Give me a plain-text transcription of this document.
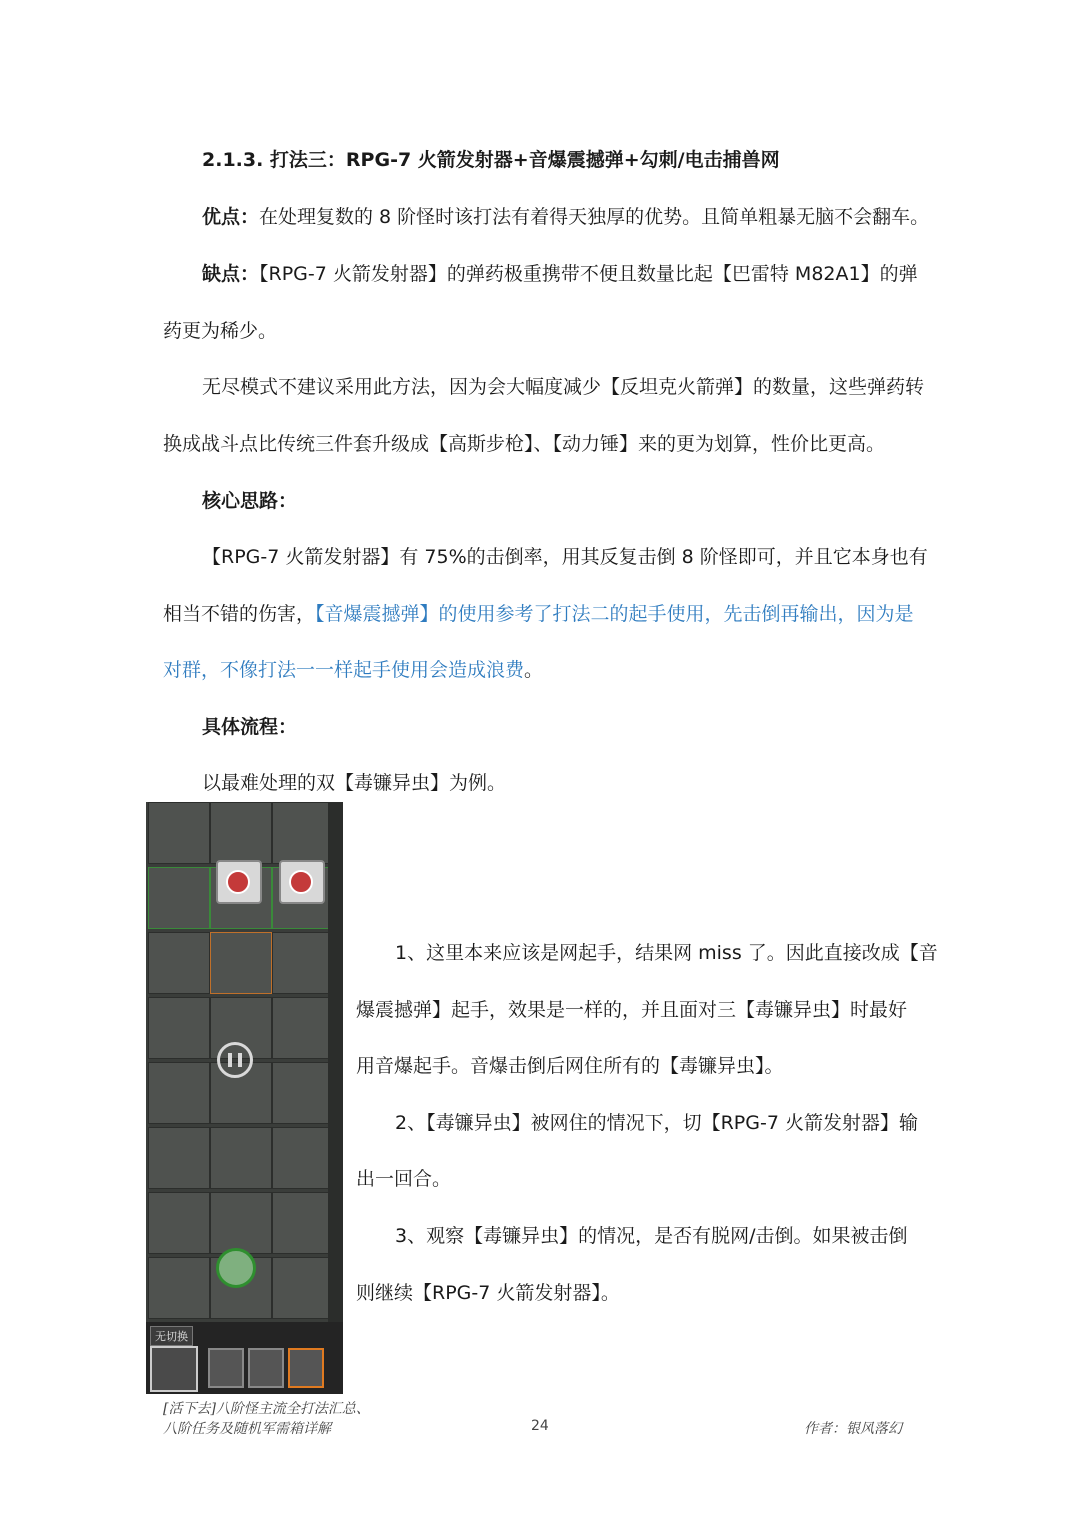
2.1.3. 打法三：RPG-7 火箭发射器+音爆震撼弹+勾刺/电击捕兽网
优点：在处理复数的 8 阶怪时该打法有着得天独厚的优势。且简单粗暴无脑不会翻车。
缺点：【RPG-7 火箭发射器】的弹药极重携带不便且数量比起【巴雷特 M82A1】的弹
药更为稀少。
无尽模式不建议采用此方法，因为会大幅度减少【反坦克火箭弹】的数量，这些弹药转
换成战斗点比传统三件套升级成【高斯步枪】、【动力锤】来的更为划算，性价比更高。
核心思路：
【RPG-7 火箭发射器】有 75%的击倒率，用其反复击倒 8 阶怪即可，并且它本身也有
相当不错的伤害，【音爆震撼弹】的使用参考了打法二的起手使用，先击倒再输出，因为是
对群，不像打法一一样起手使用会造成浪费。
具体流程：
以最难处理的双【毒镰异虫】为例。
无切换
1、这里本来应该是网起手，结果网 miss 了。因此直接改成【音
爆震撼弹】起手，效果是一样的，并且面对三【毒镰异虫】时最好
用音爆起手。音爆击倒后网住所有的【毒镰异虫】。
2、【毒镰异虫】被网住的情况下，切【RPG-7 火箭发射器】输
出一回合。
3、观察【毒镰异虫】的情况，是否有脱网/击倒。如果被击倒
则继续【RPG-7 火箭发射器】。
[活下去]八阶怪主流全打法汇总、
八阶任务及随机军需箱详解	24	作者：银风落幻
